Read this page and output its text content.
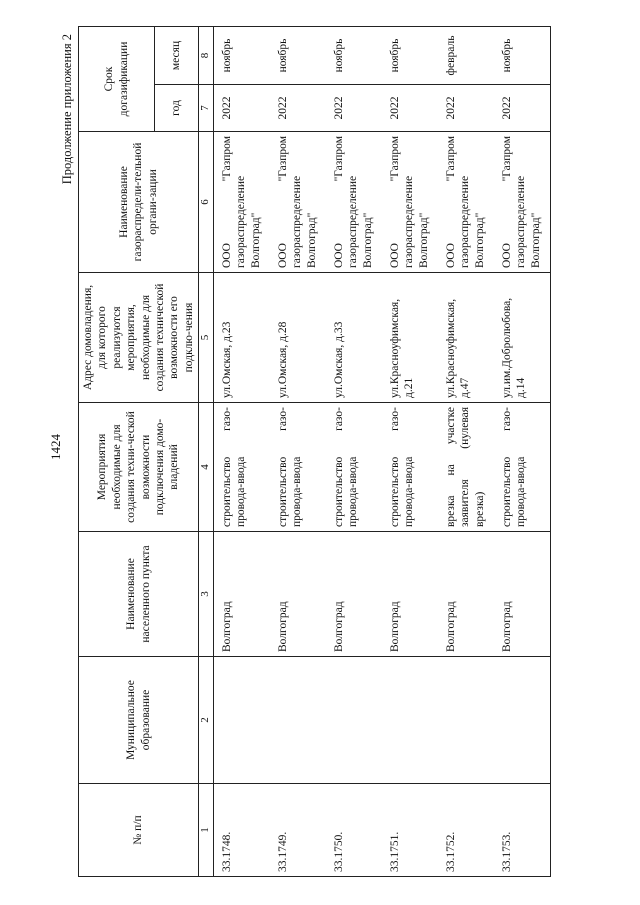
1424
Продолжение приложения 2
№ п/п	Муниципальное образование	Наименование населенного пункта	Мероприятия необходимые для создания техни-ческой возможности подключения домо-владений	Адрес домовладения, для которого реализуются мероприятия, необходимые для создания технической возможности его подклю-чения	Наименование газораспредели-тельной органи-зации	Срок догазификации	
						год	месяц
1	2	3	4	5	6	7	8
33.1748.		Волгоград	строительство газо-провода-ввода	ул.Омская, д.23	ООО "Газпром газораспределение Волгоград"	2022	ноябрь
33.1749.		Волгоград	строительство газо-провода-ввода	ул.Омская, д.28	ООО "Газпром газораспределение Волгоград"	2022	ноябрь
33.1750.		Волгоград	строительство газо-провода-ввода	ул.Омская, д.33	ООО "Газпром газораспределение Волгоград"	2022	ноябрь
33.1751.		Волгоград	строительство газо-провода-ввода	ул.Красноуфимская, д.21	ООО "Газпром газораспределение Волгоград"	2022	ноябрь
33.1752.		Волгоград	врезка на участке заявителя (нулевая врезка)	ул.Красноуфимская, д.47	ООО "Газпром газораспределение Волгоград"	2022	февраль
33.1753.		Волгоград	строительство газо-провода-ввода	ул.им.Добролюбова, д.14	ООО "Газпром газораспределение Волгоград"	2022	ноябрь
